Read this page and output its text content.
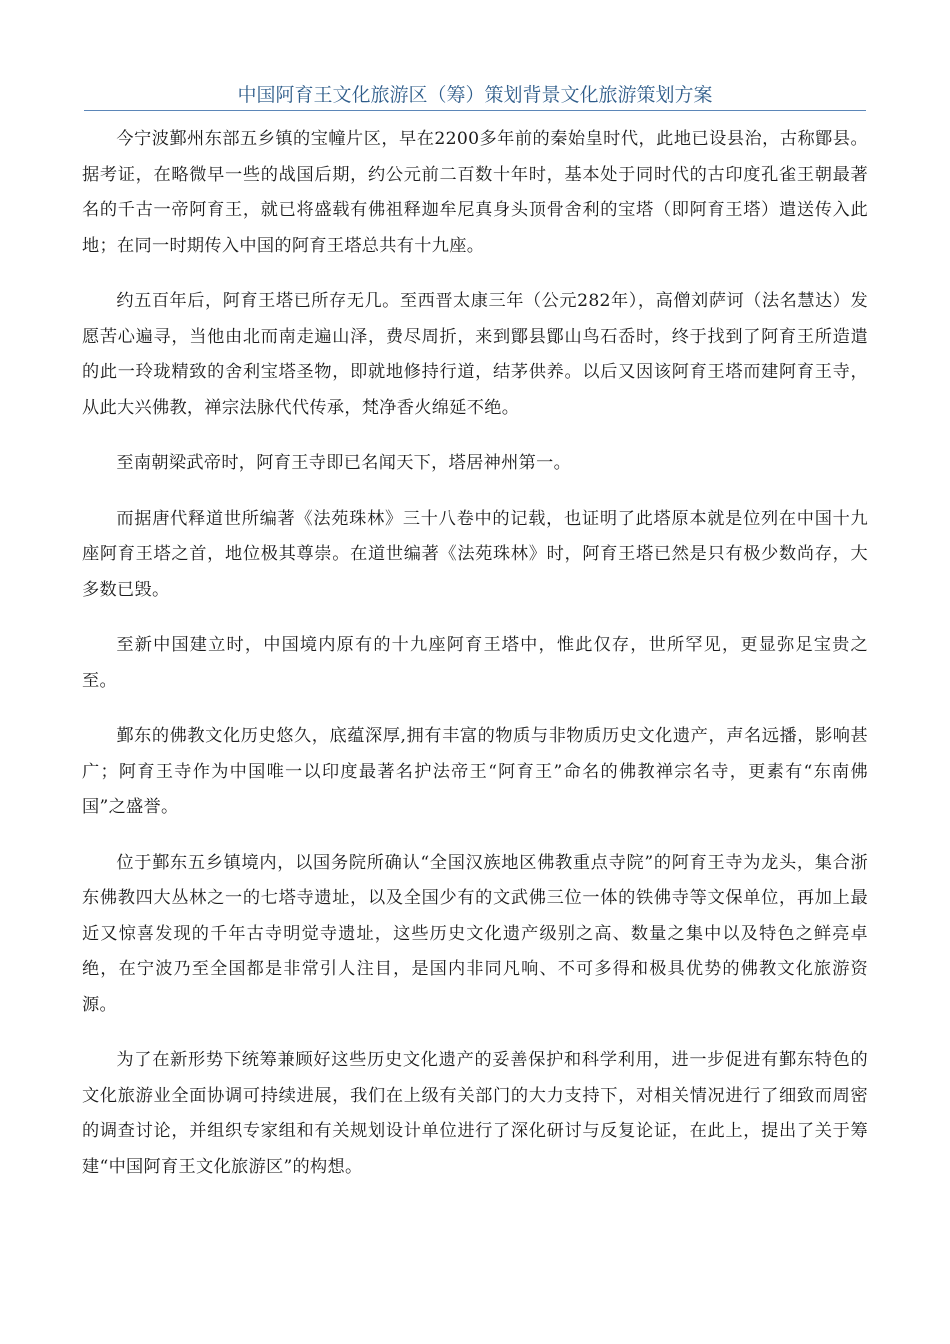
中国阿育王文化旅游区（筹）策划背景文化旅游策划方案

今宁波鄞州东部五乡镇的宝幢片区，早在2200多年前的秦始皇时代，此地已设县治，古称鄮县。据考证，在略微早一些的战国后期，约公元前二百数十年时，基本处于同时代的古印度孔雀王朝最著名的千古一帝阿育王，就已将盛载有佛祖释迦牟尼真身头顶骨舍利的宝塔（即阿育王塔）遣送传入此地；在同一时期传入中国的阿育王塔总共有十九座。

约五百年后，阿育王塔已所存无几。至西晋太康三年（公元282年），高僧刘萨诃（法名慧达）发愿苦心遍寻，当他由北而南走遍山泽，费尽周折，来到鄮县鄮山鸟石岙时，终于找到了阿育王所造遣的此一玲珑精致的舍利宝塔圣物，即就地修持行道，结茅供养。以后又因该阿育王塔而建阿育王寺，从此大兴佛教，禅宗法脉代代传承，梵净香火绵延不绝。

至南朝梁武帝时，阿育王寺即已名闻天下，塔居神州第一。

而据唐代释道世所编著《法苑珠林》三十八卷中的记载，也证明了此塔原本就是位列在中国十九座阿育王塔之首，地位极其尊崇。在道世编著《法苑珠林》时，阿育王塔已然是只有极少数尚存，大多数已毁。

至新中国建立时，中国境内原有的十九座阿育王塔中，惟此仅存，世所罕见，更显弥足宝贵之至。

鄞东的佛教文化历史悠久，底蕴深厚,拥有丰富的物质与非物质历史文化遗产，声名远播，影响甚广；阿育王寺作为中国唯一以印度最著名护法帝王“阿育王”命名的佛教禅宗名寺，更素有“东南佛国”之盛誉。

位于鄞东五乡镇境内，以国务院所确认“全国汉族地区佛教重点寺院”的阿育王寺为龙头，集合浙东佛教四大丛林之一的七塔寺遗址，以及全国少有的文武佛三位一体的铁佛寺等文保单位，再加上最近又惊喜发现的千年古寺明觉寺遗址，这些历史文化遗产级别之高、数量之集中以及特色之鲜亮卓绝，在宁波乃至全国都是非常引人注目，是国内非同凡响、不可多得和极具优势的佛教文化旅游资源。

为了在新形势下统筹兼顾好这些历史文化遗产的妥善保护和科学利用，进一步促进有鄞东特色的文化旅游业全面协调可持续进展，我们在上级有关部门的大力支持下，对相关情况进行了细致而周密的调查讨论，并组织专家组和有关规划设计单位进行了深化研讨与反复论证，在此上，提出了关于筹建“中国阿育王文化旅游区”的构想。
